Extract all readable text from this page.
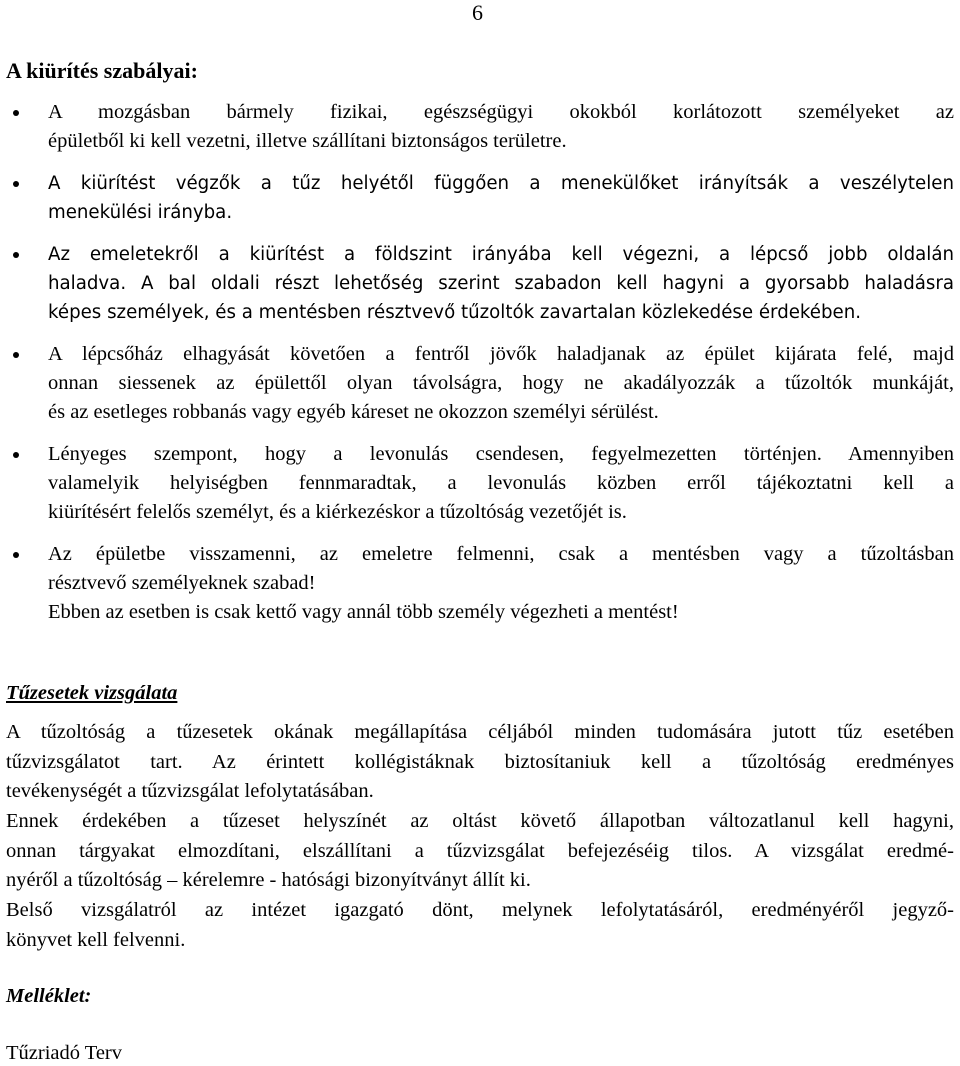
6
A kiürítés szabályai:
A mozgásban bármely fizikai, egészségügyi okokból korlátozott személyeket az
épületből ki kell vezetni, illetve szállítani biztonságos területre.
A kiürítést végzők a tűz helyétől függően a menekülőket irányítsák a veszélytelen
menekülési irányba.
Az emeletekről a kiürítést a földszint irányába kell végezni, a lépcső jobb oldalán
haladva. A bal oldali részt lehetőség szerint szabadon kell hagyni a gyorsabb haladásra
képes személyek, és a mentésben résztvevő tűzoltók zavartalan közlekedése érdekében.
A lépcsőház elhagyását követően a fentről jövők haladjanak az épület kijárata felé, majd
onnan siessenek az épülettől olyan távolságra, hogy ne akadályozzák a tűzoltók munkáját,
és az esetleges robbanás vagy egyéb káreset ne okozzon személyi sérülést.
Lényeges szempont, hogy a levonulás csendesen, fegyelmezetten történjen. Amennyiben
valamelyik helyiségben fennmaradtak, a levonulás közben erről tájékoztatni kell a
kiürítésért felelős személyt, és a kiérkezéskor a tűzoltóság vezetőjét is.
Az épületbe visszamenni, az emeletre felmenni, csak a mentésben vagy a tűzoltásban
résztvevő személyeknek szabad!
Ebben az esetben is csak kettő vagy annál több személy végezheti a mentést!
Tűzesetek vizsgálata

A tűzoltóság a tűzesetek okának megállapítása céljából minden tudomására jutott tűz esetében
tűzvizsgálatot tart. Az érintett kollégistáknak biztosítaniuk kell a tűzoltóság eredményes
tevékenységét a tűzvizsgálat lefolytatásában.

Ennek érdekében a tűzeset helyszínét az oltást követő állapotban változatlanul kell hagyni,
onnan tárgyakat elmozdítani, elszállítani a tűzvizsgálat befejezéséig tilos. A vizsgálat eredmé-
nyéről a tűzoltóság – kérelemre - hatósági bizonyítványt állít ki.

Belső vizsgálatról az intézet igazgató dönt, melynek lefolytatásáról, eredményéről jegyző-
könyvet kell felvenni.

Melléklet:

Tűzriadó Terv
